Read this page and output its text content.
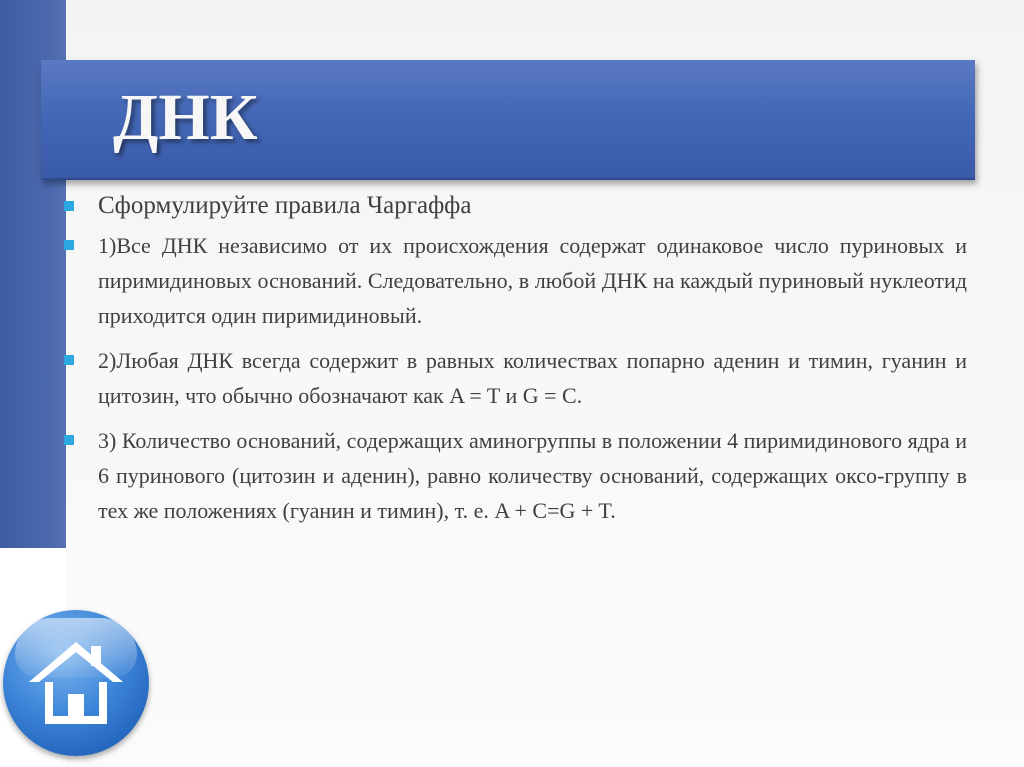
ДНК
Сформулируйте правила Чаргаффа
1)Все ДНК независимо от их происхождения содержат одинаковое число пуриновых и пиримидиновых оснований. Следовательно, в любой ДНК на каждый пуриновый нуклеотид приходится один пиримидиновый.
2)Любая ДНК всегда содержит в равных количествах попарно аденин и тимин, гуанин и цитозин, что обычно обозначают как A = T и G = C.
3) Количество оснований, содержащих аминогруппы в положении 4 пиримидинового ядра и 6 пуринового (цитозин и аденин), равно количеству оснований, содержащих оксо-группу в тех же положениях (гуанин и тимин), т. е. A + C=G + T.
